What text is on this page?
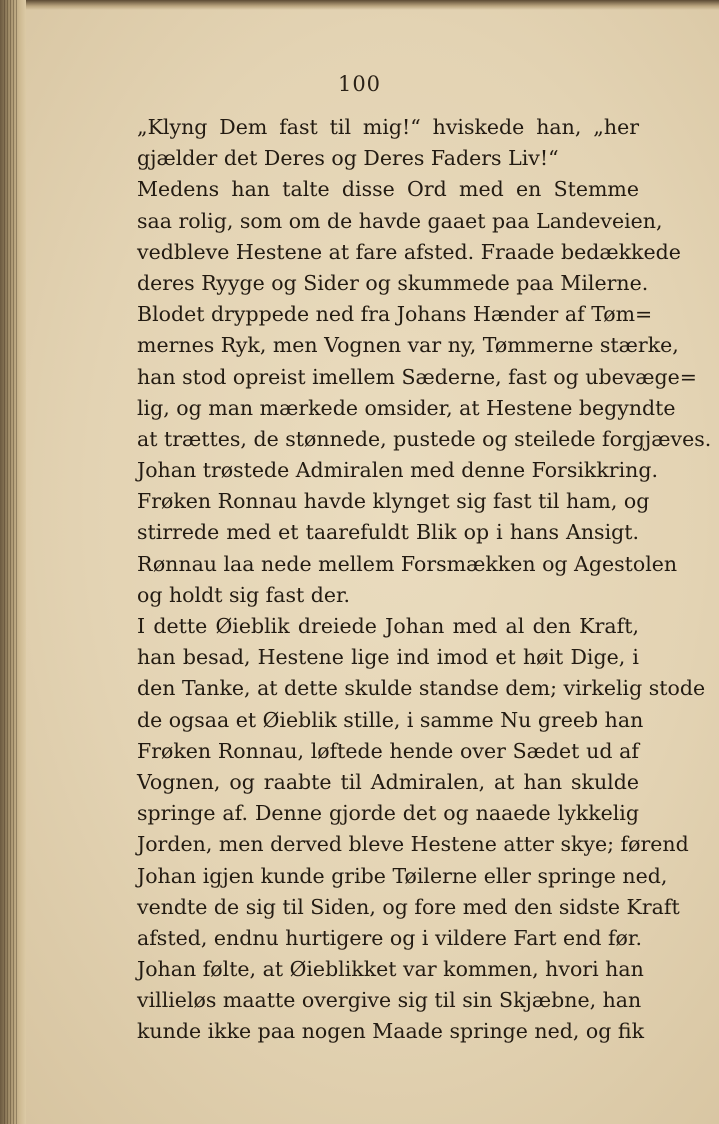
100
„Klyng Dem fast til mig!“ hviskede han, „her
gjælder det Deres og Deres Faders Liv!“
Medens han talte disse Ord med en Stemme
saa rolig, som om de havde gaaet paa Landeveien,
vedbleve Hestene at fare afsted. Fraade bedækkede
deres Ryyge og Sider og skummede paa Milerne.
Blodet dryppede ned fra Johans Hænder af Tøm=
mernes Ryk, men Vognen var ny, Tømmerne stærke,
han stod opreist imellem Sæderne, fast og ubevæge=
lig, og man mærkede omsider, at Hestene begyndte
at trættes, de stønnede, pustede og steilede forgjæves.
Johan trøstede Admiralen med denne Forsikkring.
Frøken Ronnau havde klynget sig fast til ham, og
stirrede med et taarefuldt Blik op i hans Ansigt.
Rønnau laa nede mellem Forsmækken og Agestolen
og holdt sig fast der.
I dette Øieblik dreiede Johan med al den Kraft,
han besad, Hestene lige ind imod et høit Dige, i
den Tanke, at dette skulde standse dem; virkelig stode
de ogsaa et Øieblik stille, i samme Nu greeb han
Frøken Ronnau, løftede hende over Sædet ud af
Vognen, og raabte til Admiralen, at han skulde
springe af. Denne gjorde det og naaede lykkelig
Jorden, men derved bleve Hestene atter skye; førend
Johan igjen kunde gribe Tøilerne eller springe ned,
vendte de sig til Siden, og fore med den sidste Kraft
afsted, endnu hurtigere og i vildere Fart end før.
Johan følte, at Øieblikket var kommen, hvori han
villieløs maatte overgive sig til sin Skjæbne, han
kunde ikke paa nogen Maade springe ned, og fik
